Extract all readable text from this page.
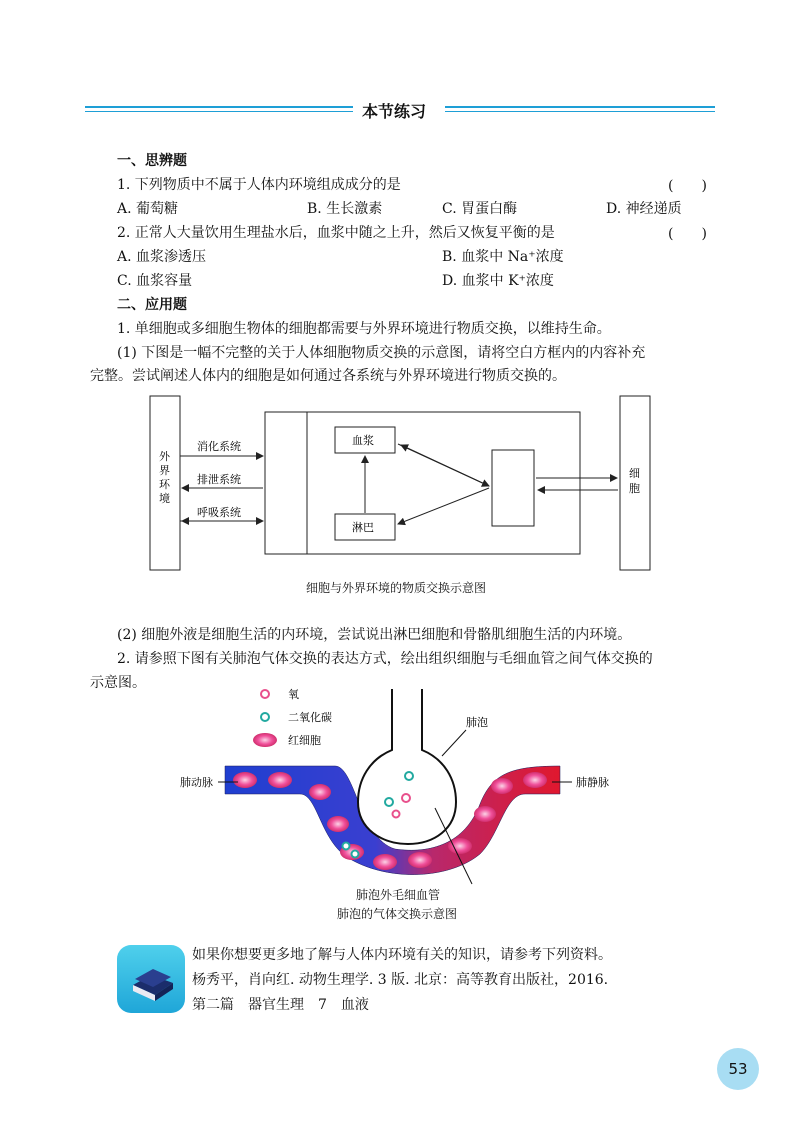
本节练习
一、思辨题
1. 下列物质中不属于人体内环境组成成分的是	(　　)
A. 葡萄糖	B. 生长激素	C. 胃蛋白酶	D. 神经递质
2. 正常人大量饮用生理盐水后，血浆中随之上升，然后又恢复平衡的是	(　　)
A. 血浆渗透压	B. 血浆中 Na⁺浓度
C. 血浆容量	D. 血浆中 K⁺浓度
二、应用题
1. 单细胞或多细胞生物体的细胞都需要与外界环境进行物质交换，以维持生命。
(1) 下图是一幅不完整的关于人体细胞物质交换的示意图，请将空白方框内的内容补充
完整。尝试阐述人体内的细胞是如何通过各系统与外界环境进行物质交换的。
外
界
环
境
消化系统
排泄系统
呼吸系统
血浆
淋巴
细
胞
细胞与外界环境的物质交换示意图
(2) 细胞外液是细胞生活的内环境，尝试说出淋巴细胞和骨骼肌细胞生活的内环境。
2. 请参照下图有关肺泡气体交换的表达方式，绘出组织细胞与毛细血管之间气体交换的
示意图。
氧
二氧化碳
红细胞
肺泡
肺动脉	肺静脉
肺泡外毛细血管
肺泡的气体交换示意图
如果你想要更多地了解与人体内环境有关的知识，请参考下列资料。
杨秀平，肖向红. 动物生理学. 3 版. 北京：高等教育出版社，2016.
第二篇　器官生理　7　血液
53
